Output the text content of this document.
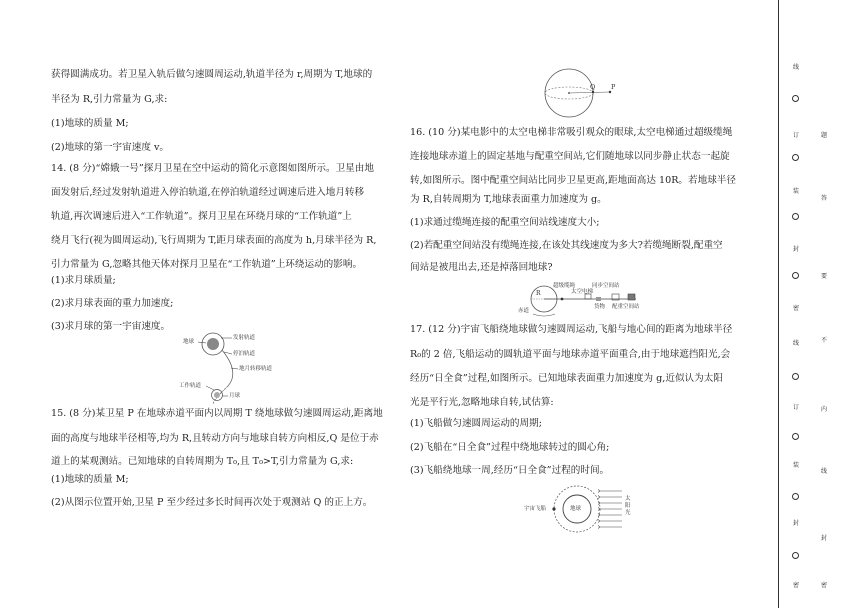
获得圆满成功。若卫星入轨后做匀速圆周运动,轨道半径为 r,周期为 T,地球的
半径为 R,引力常量为 G,求:
(1)地球的质量 M;
(2)地球的第一宇宙速度 v。
14. (8 分)“嫦娥一号”探月卫星在空中运动的简化示意图如图所示。卫星由地
面发射后,经过发射轨道进入停泊轨道,在停泊轨道经过调速后进入地月转移
轨道,再次调速后进入“工作轨道”。探月卫星在环绕月球的“工作轨道”上
绕月飞行(视为圆周运动),飞行周期为 T,距月球表面的高度为 h,月球半径为 R,
引力常量为 G,忽略其他天体对探月卫星在“工作轨道”上环绕运动的影响。
(1)求月球质量;
(2)求月球表面的重力加速度;
(3)求月球的第一宇宙速度。
地球
发射轨道
停泊轨道
地月转移轨道
工作轨道
月球
15. (8 分)某卫星 P 在地球赤道平面内以周期 T 绕地球做匀速圆周运动,距离地
面的高度与地球半径相等,均为 R,且转动方向与地球自转方向相反,Q 是位于赤
道上的某观测站。已知地球的自转周期为 T₀,且 T₀>T,引力常量为 G,求:
(1)地球的质量 M;
(2)从图示位置开始,卫星 P 至少经过多长时间再次处于观测站 Q 的正上方。
Q P
16. (10 分)某电影中的太空电梯非常吸引观众的眼球,太空电梯通过超级缆绳
连接地球赤道上的固定基地与配重空间站,它们随地球以同步静止状态一起旋
转,如图所示。图中配重空间站比同步卫星更高,距地面高达 10R。若地球半径
为 R,自转周期为 T,地球表面重力加速度为 g。
(1)求通过缆绳连接的配重空间站线速度大小;
(2)若配重空间站没有缆绳连接,在该处其线速度为多大?若缆绳断裂,配重空
间站是被甩出去,还是掉落回地球?
R
超级缆绳	同步空间站
太空电梯
货物 配重空间站
赤道
17. (12 分)宇宙飞船绕地球做匀速圆周运动,飞船与地心间的距离为地球半径
R₀的 2 倍,飞船运动的圆轨道平面与地球赤道平面重合,由于地球遮挡阳光,会
经历“日全食”过程,如图所示。已知地球表面重力加速度为 g,近似认为太阳
光是平行光,忽略地球自转,试估算:
(1)飞船做匀速圆周运动的周期;
(2)飞船在“日全食”过程中绕地球转过的圆心角;
(3)飞船绕地球一周,经历“日全食”过程的时间。
宇宙飞船	地球
太阳光
线
订
装
封
密
线
订
装
封
密
题
答
要
不
内
线
封
密
